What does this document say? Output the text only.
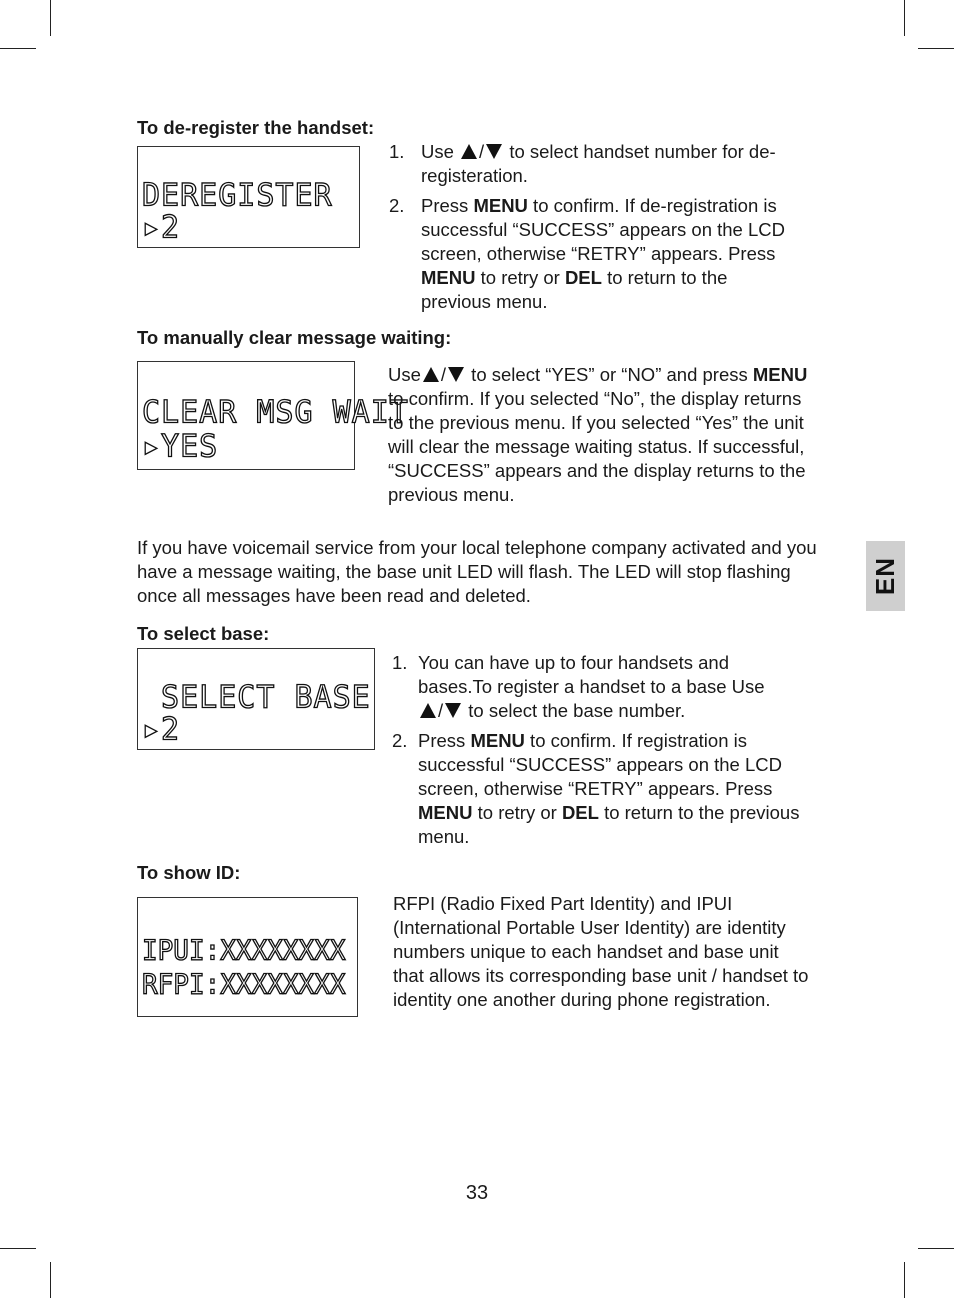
To de-register the handset:
DEREGISTER
▸2
1. Use / to select handset number for de-registeration.
2. Press MENU to confirm. If de-registration is successful “SUCCESS” appears on the LCD screen, otherwise “RETRY” appears. Press MENU to retry or DEL to return to the previous menu.
To manually clear message waiting:
CLEAR MSG WAIT
▸YES

Use / to select “YES” or “NO” and press MENU to confirm. If you selected “No”, the display returns to the previous menu. If you selected “Yes” the unit will clear the message waiting status. If successful, “SUCCESS” appears and the display returns to the previous menu.

If you have voicemail service from your local telephone company activated and you have a message waiting, the base unit LED will flash. The LED will stop flashing once all messages have been read and deleted.

EN
To select base:
SELECT BASE
▸2
1. You can have up to four handsets and bases.To register a handset to a base Use / to select the base number.
2. Press MENU to confirm. If registration is successful “SUCCESS” appears on the LCD screen, otherwise “RETRY” appears. Press MENU to retry or DEL to return to the previous menu.
To show ID:
IPUI:XXXXXXXX
RFPI:XXXXXXXX

RFPI (Radio Fixed Part Identity) and IPUI (International Portable User Identity) are identity numbers unique to each handset and base unit that allows its corresponding base unit / handset to identity one another during phone registration.

33
